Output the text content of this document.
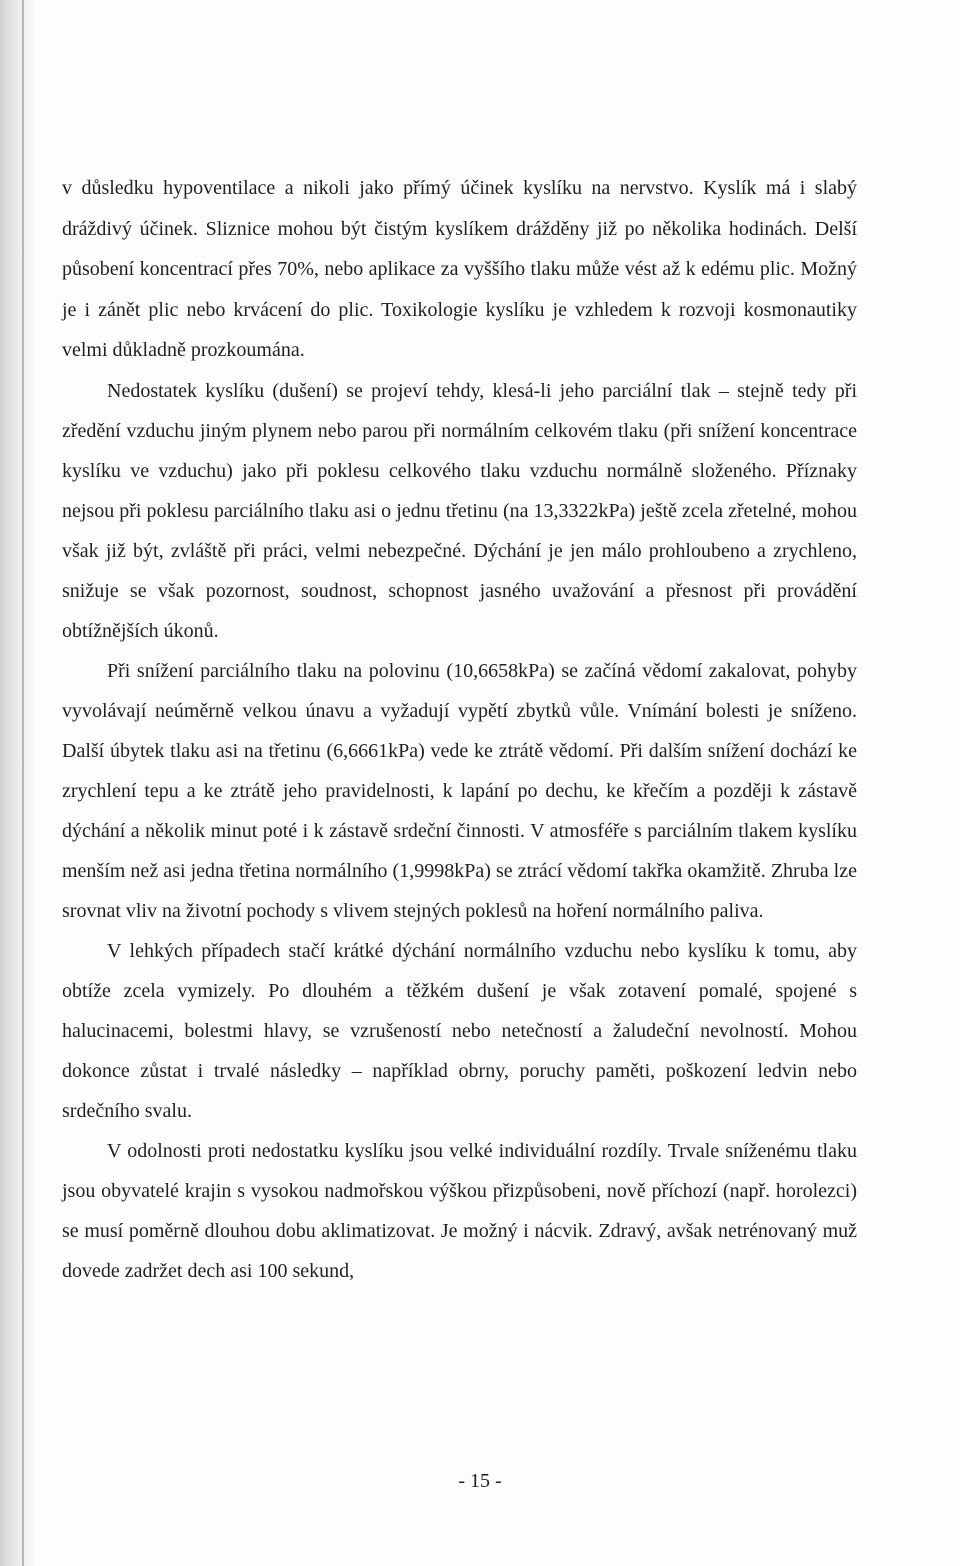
v důsledku hypoventilace a nikoli jako přímý účinek kyslíku na nervstvo. Kyslík má i slabý dráždivý účinek. Sliznice mohou být čistým kyslíkem drážděny již po několika hodinách. Delší působení koncentrací přes 70%, nebo aplikace za vyššího tlaku může vést až k edému plic. Možný je i zánět plic nebo krvácení do plic. Toxikologie kyslíku je vzhledem k rozvoji kosmonautiky velmi důkladně prozkoumána.

Nedostatek kyslíku (dušení) se projeví tehdy, klesá-li jeho parciální tlak – stejně tedy při zředění vzduchu jiným plynem nebo parou při normálním celkovém tlaku (při snížení koncentrace kyslíku ve vzduchu) jako při poklesu celkového tlaku vzduchu normálně složeného. Příznaky nejsou při poklesu parciálního tlaku asi o jednu třetinu (na 13,3322kPa) ještě zcela zřetelné, mohou však již být, zvláště při práci, velmi nebezpečné. Dýchání je jen málo prohloubeno a zrychleno, snižuje se však pozornost, soudnost, schopnost jasného uvažování a přesnost při provádění obtížnějších úkonů.

Při snížení parciálního tlaku na polovinu (10,6658kPa) se začíná vědomí zakalovat, pohyby vyvolávají neúměrně velkou únavu a vyžadují vypětí zbytků vůle. Vnímání bolesti je sníženo. Další úbytek tlaku asi na třetinu (6,6661kPa) vede ke ztrátě vědomí. Při dalším snížení dochází ke zrychlení tepu a ke ztrátě jeho pravidelnosti, k lapání po dechu, ke křečím a později k zástavě dýchání a několik minut poté i k zástavě srdeční činnosti. V atmosféře s parciálním tlakem kyslíku menším než asi jedna třetina normálního (1,9998kPa) se ztrácí vědomí takřka okamžitě. Zhruba lze srovnat vliv na životní pochody s vlivem stejných poklesů na hoření normálního paliva.

V lehkých případech stačí krátké dýchání normálního vzduchu nebo kyslíku k tomu, aby obtíže zcela vymizely. Po dlouhém a těžkém dušení je však zotavení pomalé, spojené s halucinacemi, bolestmi hlavy, se vzrušeností nebo netečností a žaludeční nevolností. Mohou dokonce zůstat i trvalé následky – například obrny, poruchy paměti, poškození ledvin nebo srdečního svalu.

V odolnosti proti nedostatku kyslíku jsou velké individuální rozdíly. Trvale sníženému tlaku jsou obyvatelé krajin s vysokou nadmořskou výškou přizpůsobeni, nově příchozí (např. horolezci) se musí poměrně dlouhou dobu aklimatizovat. Je možný i nácvik. Zdravý, avšak netrénovaný muž dovede zadržet dech asi 100 sekund,

- 15 -
